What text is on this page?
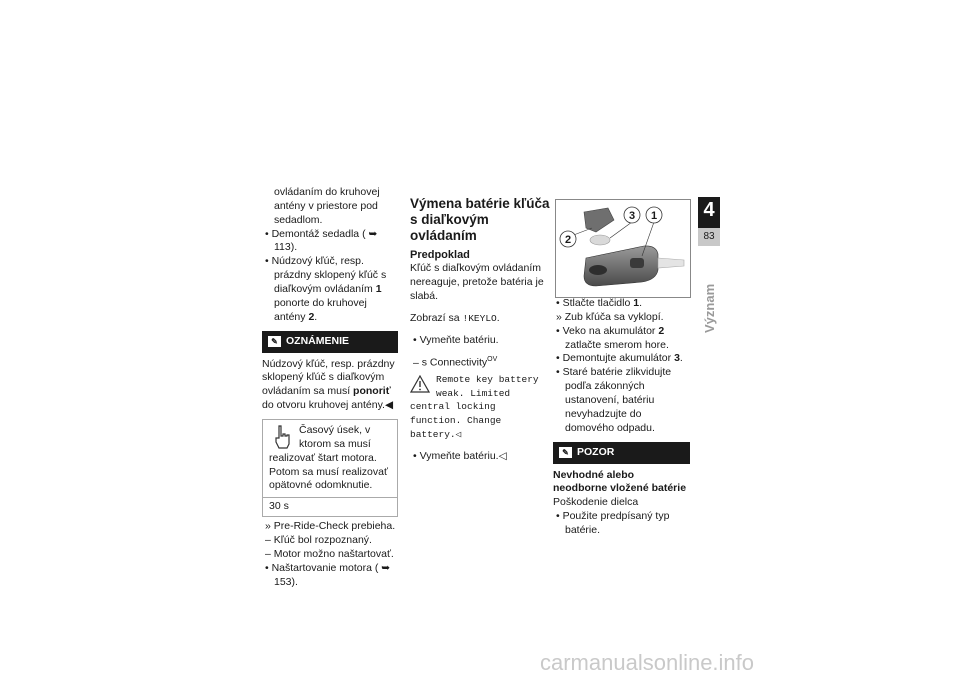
ovládaním do kruhovej antény v priestore pod sedadlom.
• Demontáž sedadla ( ➥ 113).
• Núdzový kľúč, resp. prázdny sklopený kľúč s diaľkovým ovládaním 1 ponorte do kruhovej antény 2.
✎ OZNÁMENIE
Núdzový kľúč, resp. prázdny sklopený kľúč s diaľkovým ovládaním sa musí ponoriť do otvoru kruhovej antény.◀
Časový úsek, v ktorom sa musí realizovať štart motora. Potom sa musí realizovať opätovné odomknutie.
30 s
» Pre-Ride-Check prebieha.
– Kľúč bol rozpoznaný.
– Motor možno naštartovať.
• Naštartovanie motora ( ➥ 153).
Výmena batérie kľúča s diaľkovým ovládaním
Predpoklad
Kľúč s diaľkovým ovládaním nereaguje, pretože batéria je slabá.
Zobrazí sa !KEYLO.
• Vymeňte batériu.
– s Connectivity$^{OV}$
Remote key battery weak. Limited central locking function. Change battery.◁
• Vymeňte batériu.◁
2
3 1
• Stlačte tlačidlo 1.
» Zub kľúča sa vyklopí.
• Veko na akumulátor 2 zatlačte smerom hore.
• Demontujte akumulátor 3.
• Staré batérie zlikvidujte podľa zákonných ustanovení, batériu nevyhadzujte do domového odpadu.
✎ POZOR
Nevhodné alebo neodborne vložené batérie
Poškodenie dielca
• Použite predpísaný typ batérie.
4
83
Význam
carmanualsonline.info
